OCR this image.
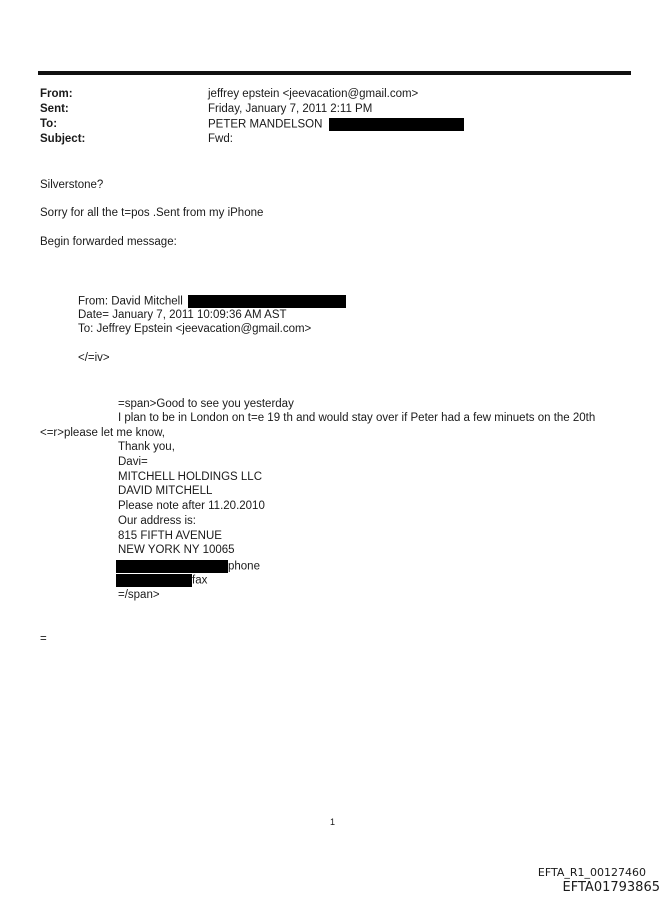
From:	jeffrey epstein <jeevacation@gmail.com>
Sent:	Friday, January 7, 2011 2:11 PM
To:	PETER MANDELSON
Subject:	Fwd:
Silverstone?
Sorry for all the t=pos .Sent from my iPhone
Begin forwarded message:
From: David Mitchell
Date= January 7, 2011 10:09:36 AM AST
To: Jeffrey Epstein <jeevacation@gmail.com>
</=iv>
=span>Good to see you yesterday
I plan to be in London on t=e 19 th and would stay over if Peter had a few minuets on the 20th
<=r>please let me know,
Thank you,
Davi=
MITCHELL HOLDINGS LLC
DAVID MITCHELL
Please note after 11.20.2010
Our address is:
815 FIFTH AVENUE
NEW YORK NY 10065
phone
fax
=/span>
=
1
EFTA_R1_00127460
EFTA01793865
